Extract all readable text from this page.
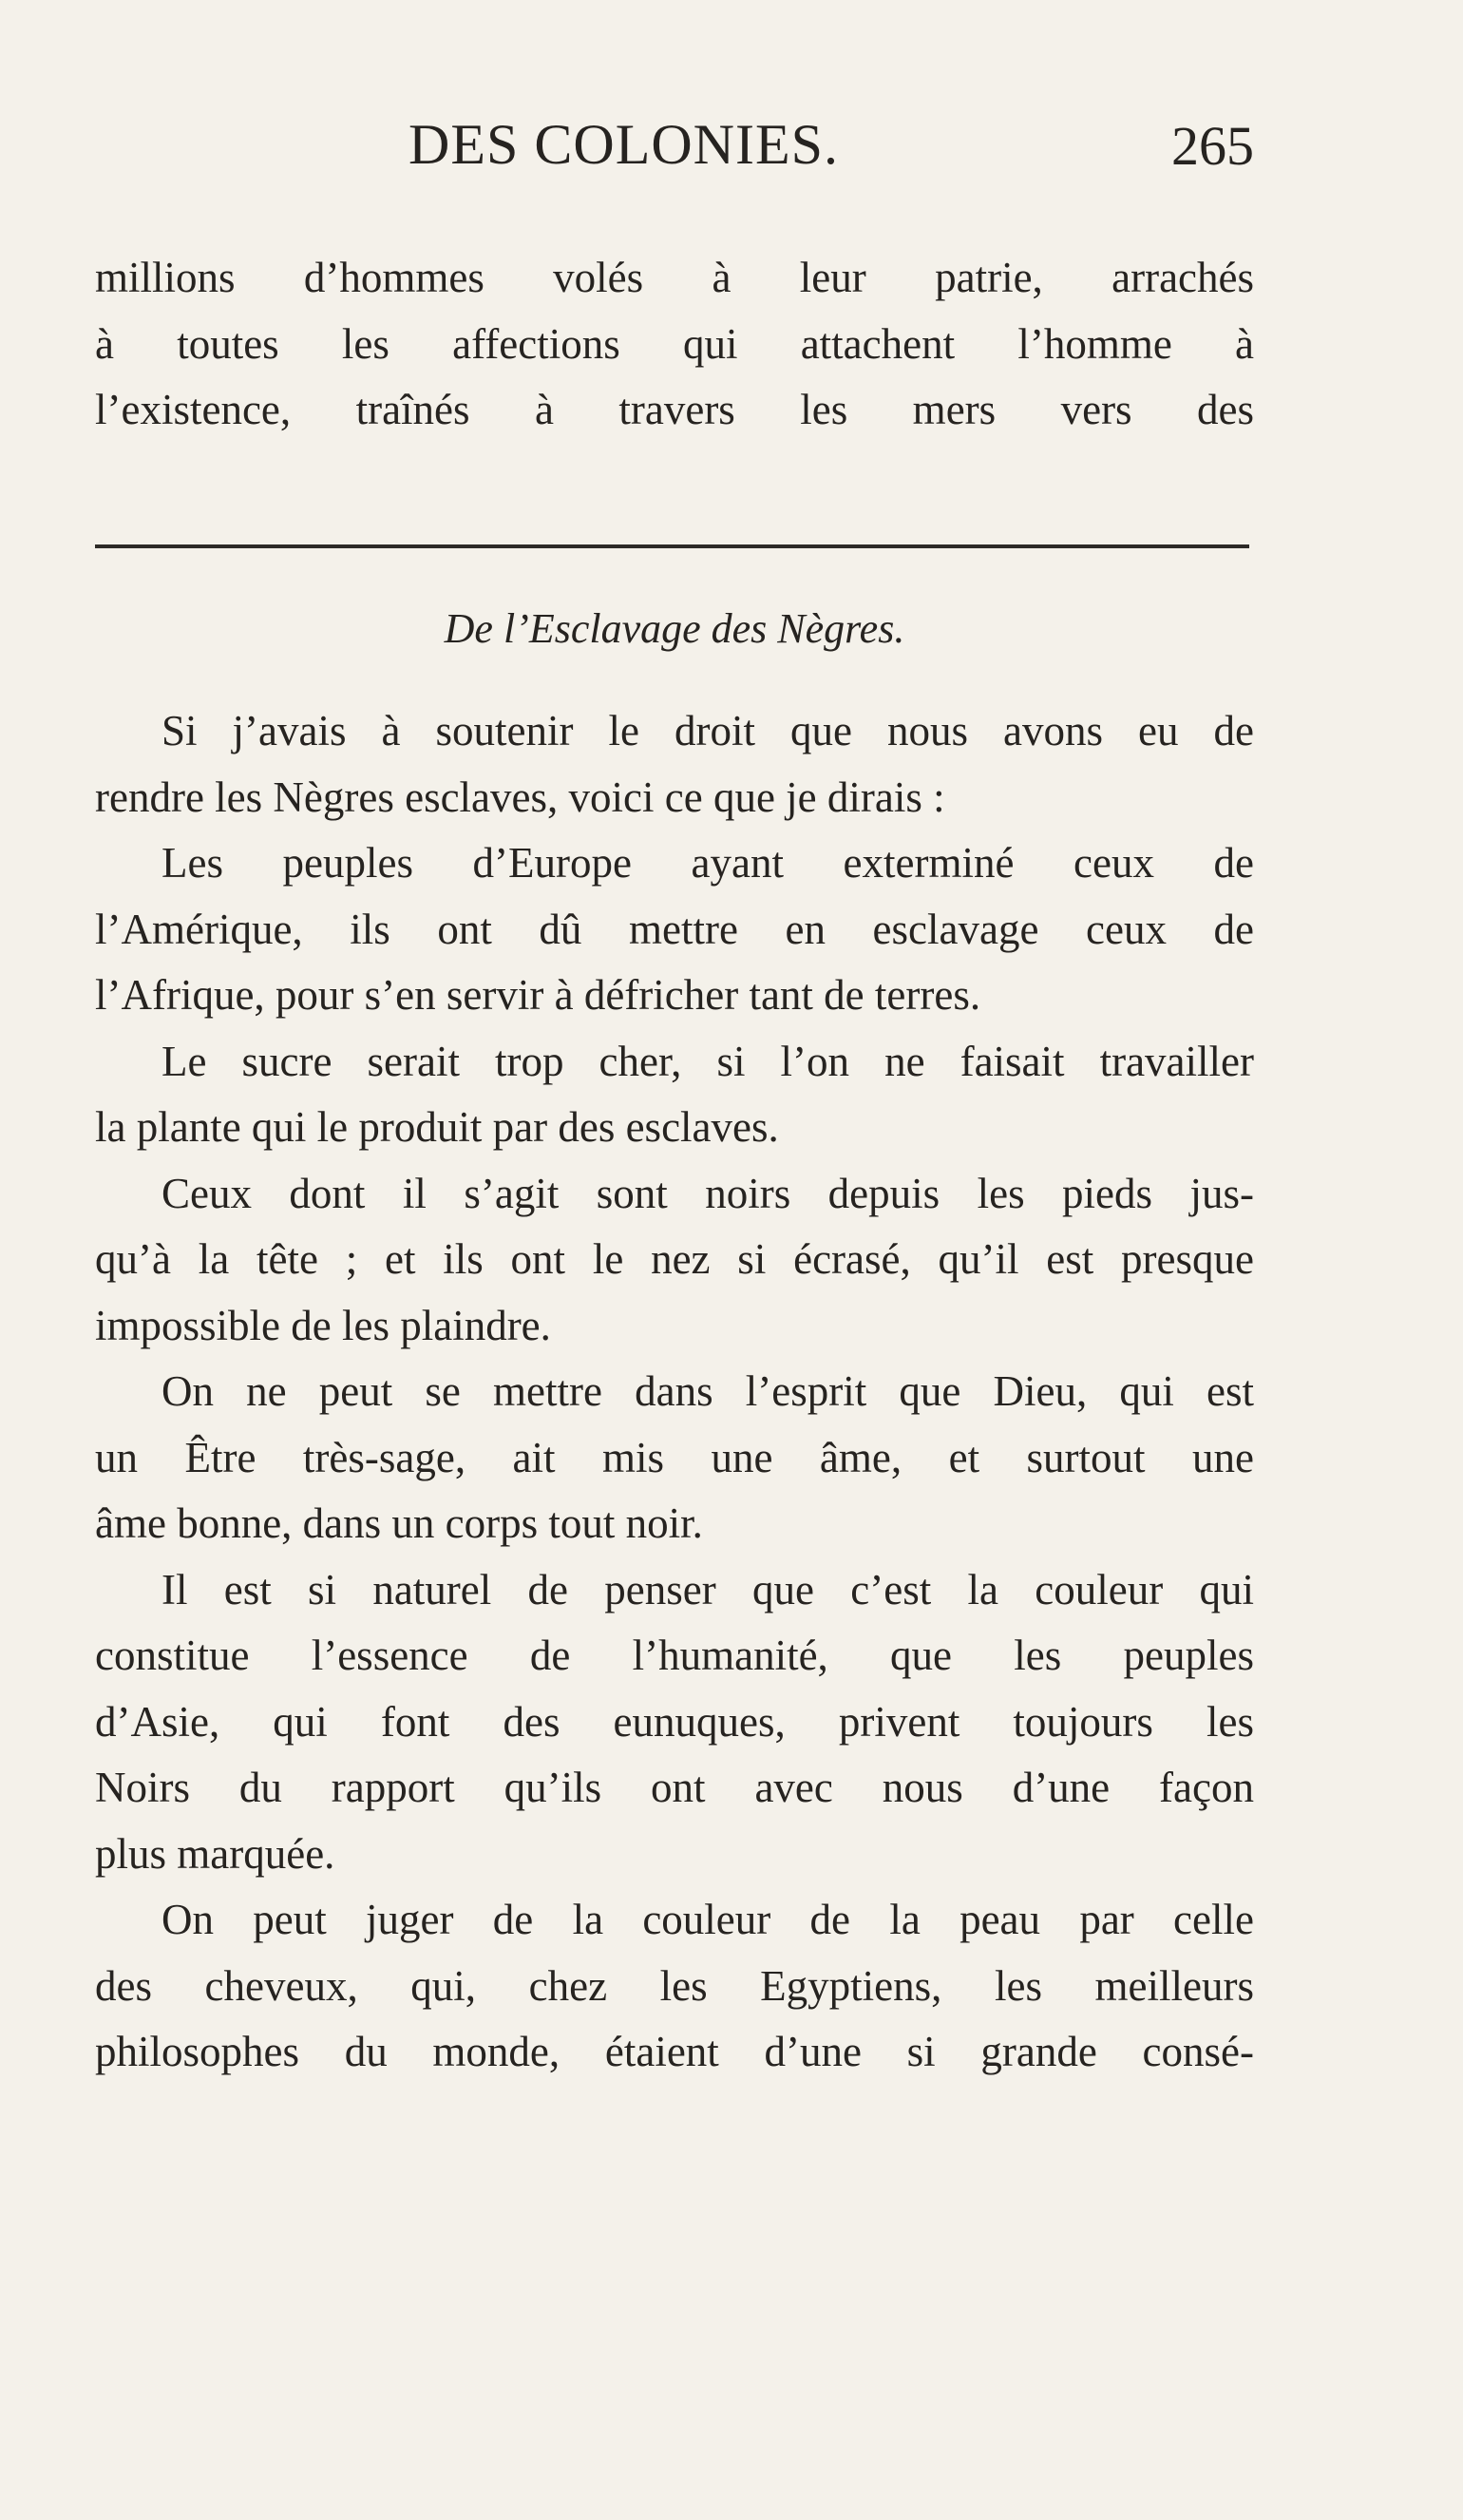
DES COLONIES.	265
millions d’hommes volés à leur patrie, arrachés
à toutes les affections qui attachent l’homme à
l’existence, traînés à travers les mers vers des
De l’Esclavage des Nègres.
Si j’avais à soutenir le droit que nous avons eu de
rendre les Nègres esclaves, voici ce que je dirais :
Les peuples d’Europe ayant exterminé ceux de
l’Amérique, ils ont dû mettre en esclavage ceux de
l’Afrique, pour s’en servir à défricher tant de terres.
Le sucre serait trop cher, si l’on ne faisait travailler
la plante qui le produit par des esclaves.
Ceux dont il s’agit sont noirs depuis les pieds jus-
qu’à la tête ; et ils ont le nez si écrasé, qu’il est presque
impossible de les plaindre.
On ne peut se mettre dans l’esprit que Dieu, qui est
un Être très-sage, ait mis une âme, et surtout une
âme bonne, dans un corps tout noir.
Il est si naturel de penser que c’est la couleur qui
constitue l’essence de l’humanité, que les peuples
d’Asie, qui font des eunuques, privent toujours les
Noirs du rapport qu’ils ont avec nous d’une façon
plus marquée.
On peut juger de la couleur de la peau par celle
des cheveux, qui, chez les Egyptiens, les meilleurs
philosophes du monde, étaient d’une si grande consé-
